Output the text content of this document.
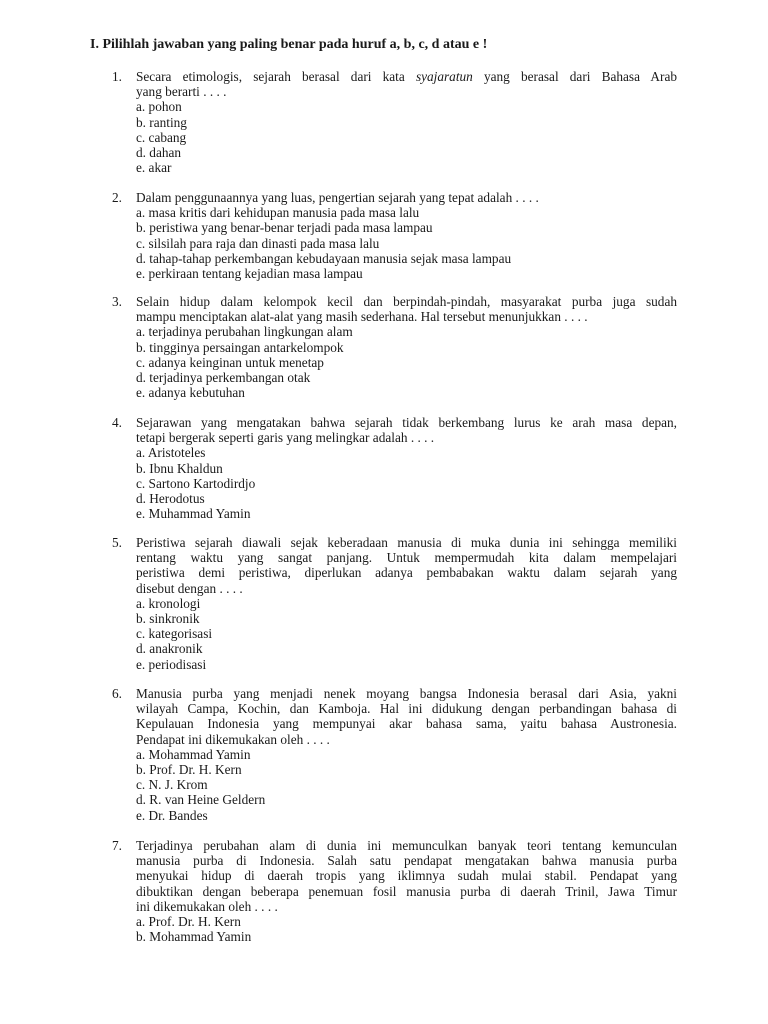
I. Pilihlah jawaban yang paling benar pada huruf a, b, c, d atau e !
1. Secara etimologis, sejarah berasal dari kata syajaratun yang berasal dari Bahasa Arab
yang berarti . . . .
a. pohon
b. ranting
c. cabang
d. dahan
e. akar
2. Dalam penggunaannya yang luas, pengertian sejarah yang tepat adalah . . . .
a. masa kritis dari kehidupan manusia pada masa lalu
b. peristiwa yang benar-benar terjadi pada masa lampau
c. silsilah para raja dan dinasti pada masa lalu
d. tahap-tahap perkembangan kebudayaan manusia sejak masa lampau
e. perkiraan tentang kejadian masa lampau
3. Selain hidup dalam kelompok kecil dan berpindah-pindah, masyarakat purba juga sudah
mampu menciptakan alat-alat yang masih sederhana. Hal tersebut menunjukkan . . . .
a. terjadinya perubahan lingkungan alam
b. tingginya persaingan antarkelompok
c. adanya keinginan untuk menetap
d. terjadinya perkembangan otak
e. adanya kebutuhan
4. Sejarawan yang mengatakan bahwa sejarah tidak berkembang lurus ke arah masa depan,
tetapi bergerak seperti garis yang melingkar adalah . . . .
a. Aristoteles
b. Ibnu Khaldun
c. Sartono Kartodirdjo
d. Herodotus
e. Muhammad Yamin
5. Peristiwa sejarah diawali sejak keberadaan manusia di muka dunia ini sehingga memiliki
rentang waktu yang sangat panjang. Untuk mempermudah kita dalam mempelajari
peristiwa demi peristiwa, diperlukan adanya pembabakan waktu dalam sejarah yang
disebut dengan . . . .
a. kronologi
b. sinkronik
c. kategorisasi
d. anakronik
e. periodisasi
6. Manusia purba yang menjadi nenek moyang bangsa Indonesia berasal dari Asia, yakni
wilayah Campa, Kochin, dan Kamboja. Hal ini didukung dengan perbandingan bahasa di
Kepulauan Indonesia yang mempunyai akar bahasa sama, yaitu bahasa Austronesia.
Pendapat ini dikemukakan oleh . . . .
a. Mohammad Yamin
b. Prof. Dr. H. Kern
c. N. J. Krom
d. R. van Heine Geldern
e. Dr. Bandes
7. Terjadinya perubahan alam di dunia ini memunculkan banyak teori tentang kemunculan
manusia purba di Indonesia. Salah satu pendapat mengatakan bahwa manusia purba
menyukai hidup di daerah tropis yang iklimnya sudah mulai stabil. Pendapat yang
dibuktikan dengan beberapa penemuan fosil manusia purba di daerah Trinil, Jawa Timur
ini dikemukakan oleh . . . .
a. Prof. Dr. H. Kern
b. Mohammad Yamin
